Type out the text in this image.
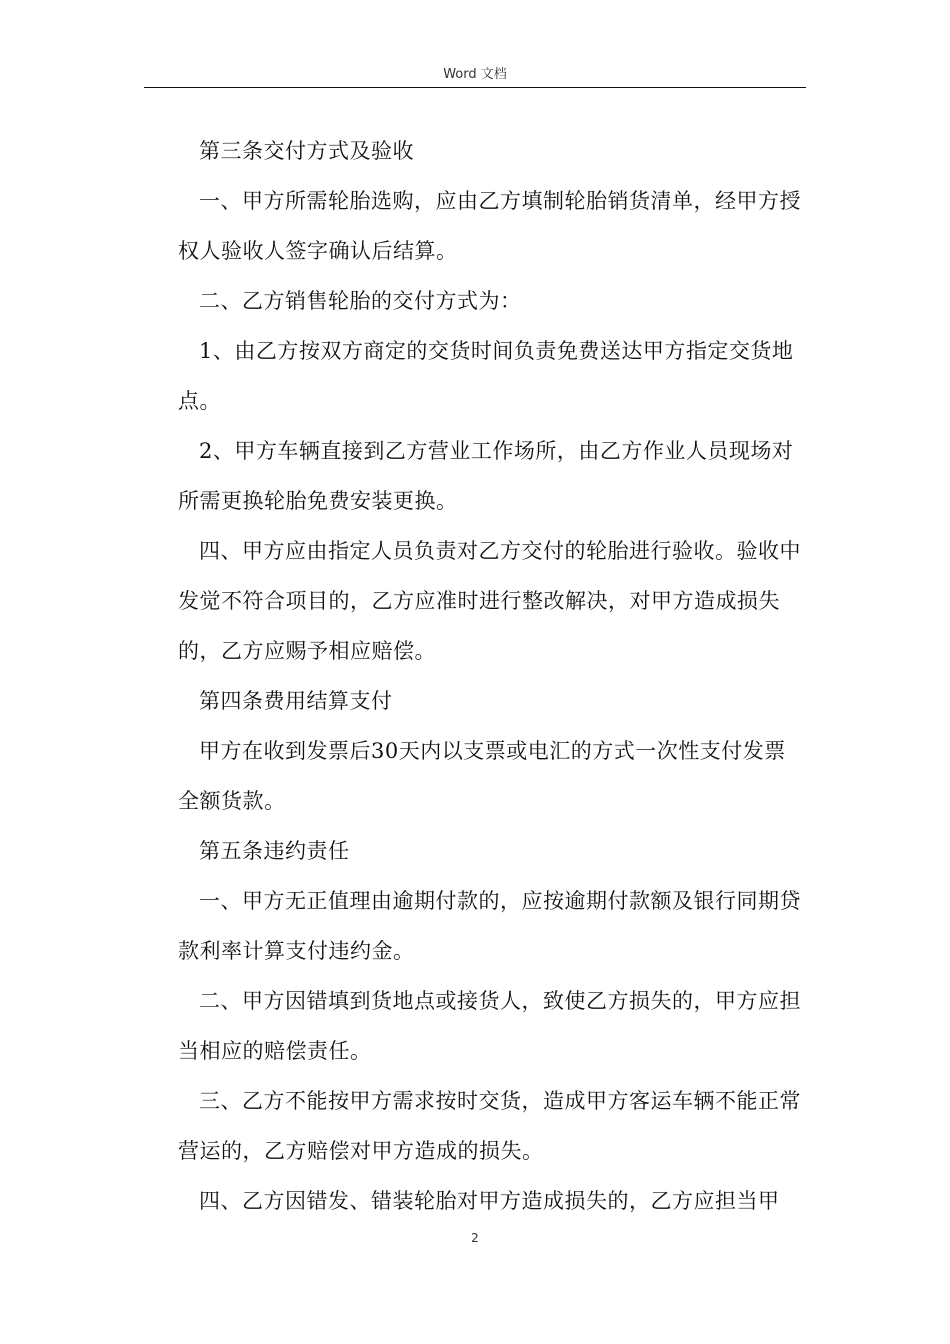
Word 文档

第三条交付方式及验收

一、甲方所需轮胎选购，应由乙方填制轮胎销货清单，经甲方授权人验收人签字确认后结算。

二、乙方销售轮胎的交付方式为：

1、由乙方按双方商定的交货时间负责免费送达甲方指定交货地点。

2、甲方车辆直接到乙方营业工作场所，由乙方作业人员现场对所需更换轮胎免费安装更换。

四、甲方应由指定人员负责对乙方交付的轮胎进行验收。验收中发觉不符合项目的，乙方应准时进行整改解决，对甲方造成损失的，乙方应赐予相应赔偿。

第四条费用结算支付

甲方在收到发票后30天内以支票或电汇的方式一次性支付发票全额货款。

第五条违约责任

一、甲方无正值理由逾期付款的，应按逾期付款额及银行同期贷款利率计算支付违约金。

二、甲方因错填到货地点或接货人，致使乙方损失的，甲方应担当相应的赔偿责任。

三、乙方不能按甲方需求按时交货，造成甲方客运车辆不能正常营运的，乙方赔偿对甲方造成的损失。

四、乙方因错发、错装轮胎对甲方造成损失的，乙方应担当甲

2
